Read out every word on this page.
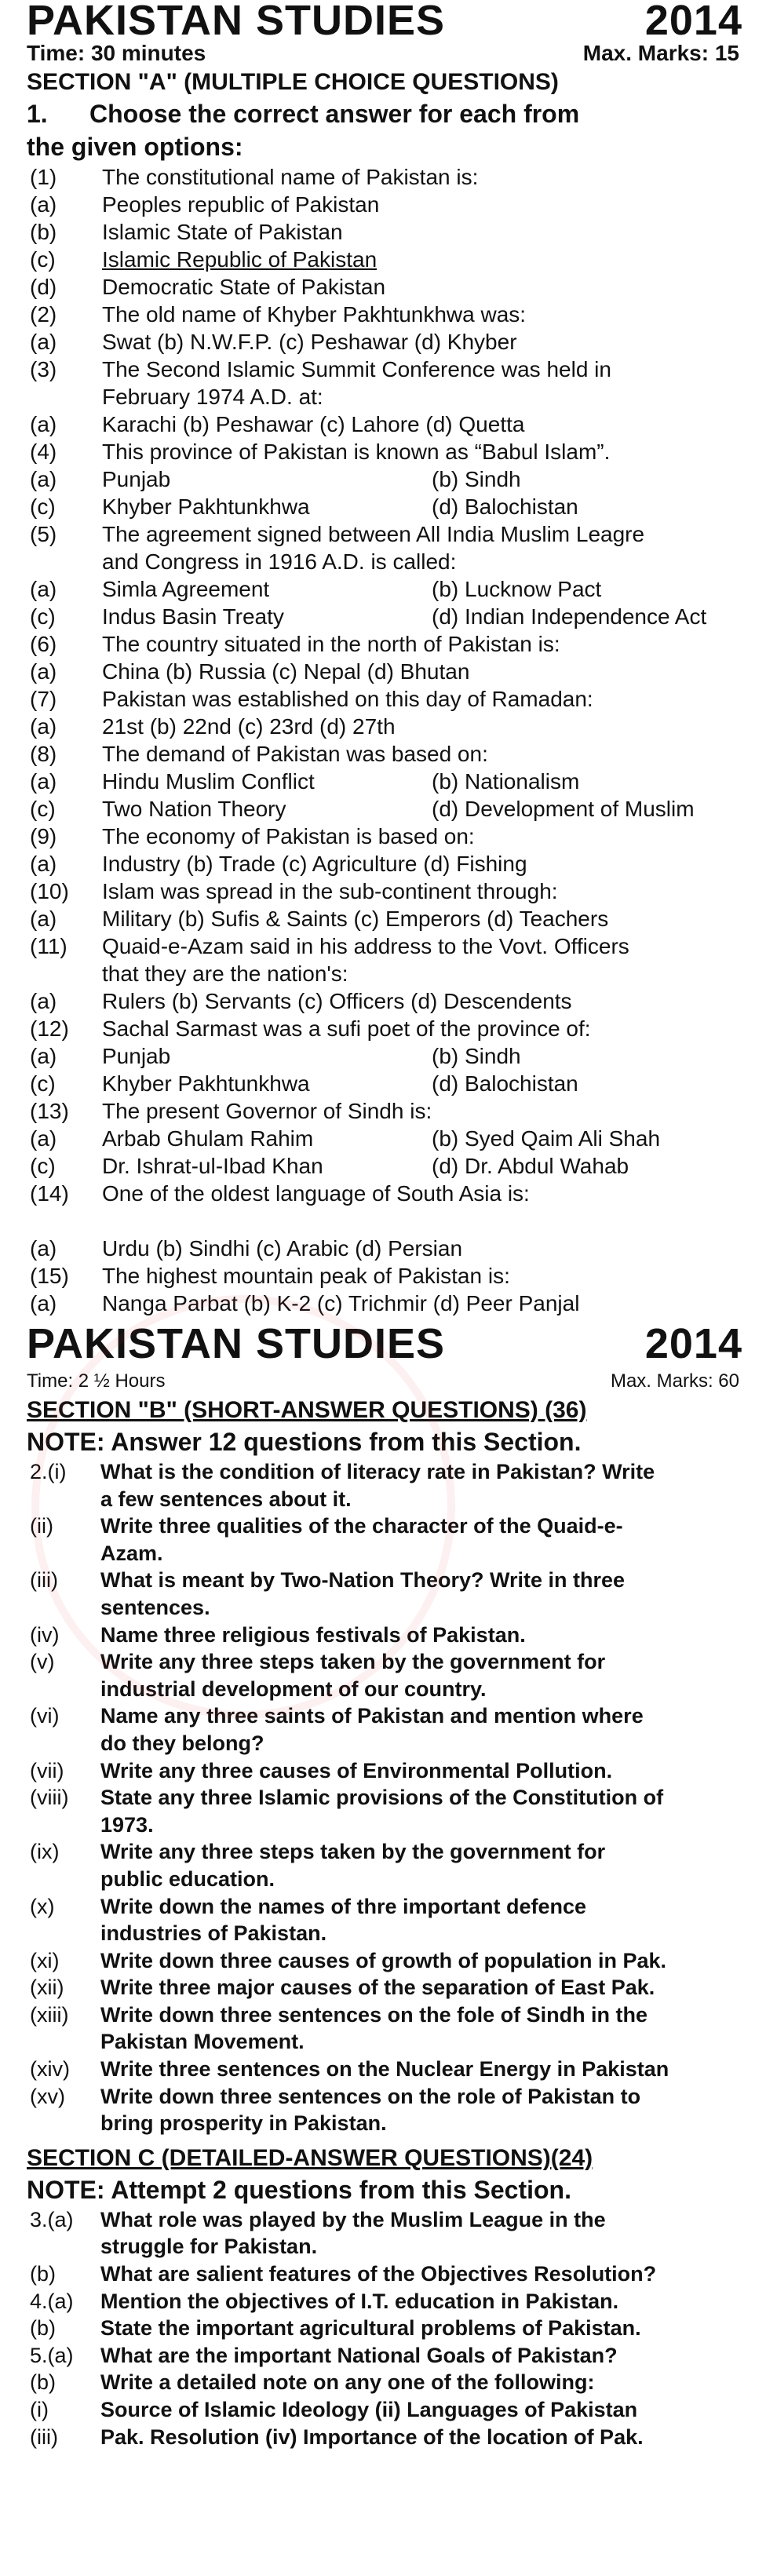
PAKISTAN STUDIES	2014
Time: 30 minutes	Max. Marks: 15
SECTION "A" (MULTIPLE CHOICE QUESTIONS)
1.	Choose the correct answer for each from
the given options:
(1)	The constitutional name of Pakistan is:
(a)	Peoples republic of Pakistan
(b)	Islamic State of Pakistan
(c)	Islamic Republic of Pakistan
(d)	Democratic State of Pakistan
(2)	The old name of Khyber Pakhtunkhwa was:
(a)	Swat (b) N.W.F.P. (c) Peshawar (d) Khyber
(3)	The Second Islamic Summit Conference was held in
February 1974 A.D. at:
(a)	Karachi (b) Peshawar (c) Lahore (d) Quetta
(4)	This province of Pakistan is known as “Babul Islam”.
(a)	Punjab	(b) Sindh
(c)	Khyber Pakhtunkhwa	(d) Balochistan
(5)	The agreement signed between All India Muslim Leagre
and Congress in 1916 A.D. is called:
(a)	Simla Agreement	(b) Lucknow Pact
(c)	Indus Basin Treaty	(d) Indian Independence Act
(6)	The country situated in the north of Pakistan is:
(a)	China (b) Russia (c) Nepal (d) Bhutan
(7)	Pakistan was established on this day of Ramadan:
(a)	21st (b) 22nd (c) 23rd (d) 27th
(8)	The demand of Pakistan was based on:
(a)	Hindu Muslim Conflict	(b) Nationalism
(c)	Two Nation Theory	(d) Development of Muslim
(9)	The economy of Pakistan is based on:
(a)	Industry (b) Trade (c) Agriculture (d) Fishing
(10)	Islam was spread in the sub-continent through:
(a)	Military (b) Sufis & Saints (c) Emperors (d) Teachers
(11)	Quaid-e-Azam said in his address to the Vovt. Officers
that they are the nation's:
(a)	Rulers (b) Servants (c) Officers (d) Descendents
(12)	Sachal Sarmast was a sufi poet of the province of:
(a)	Punjab	(b) Sindh
(c)	Khyber Pakhtunkhwa	(d) Balochistan
(13)	The present Governor of Sindh is:
(a)	Arbab Ghulam Rahim	(b) Syed Qaim Ali Shah
(c)	Dr. Ishrat-ul-Ibad Khan	(d) Dr. Abdul Wahab
(14)	One of the oldest language of South Asia is:
(a)	Urdu (b) Sindhi (c) Arabic (d) Persian
(15)	The highest mountain peak of Pakistan is:
(a)	Nanga Parbat (b) K-2 (c) Trichmir (d) Peer Panjal
PAKISTAN STUDIES	2014
Time: 2 ½ Hours	Max. Marks: 60
SECTION "B" (SHORT-ANSWER QUESTIONS) (36)
NOTE: Answer 12 questions from this Section.
2.(i)	What is the condition of literacy rate in Pakistan? Write
a few sentences about it.
(ii)	Write three qualities of the character of the Quaid-e-
Azam.
(iii)	What is meant by Two-Nation Theory? Write in three
sentences.
(iv)	Name three religious festivals of Pakistan.
(v)	Write any three steps taken by the government for
industrial development of our country.
(vi)	Name any three saints of Pakistan and mention where
do they belong?
(vii)	Write any three causes of Environmental Pollution.
(viii)	State any three Islamic provisions of the Constitution of
1973.
(ix)	Write any three steps taken by the government for
public education.
(x)	Write down the names of thre important defence
industries of Pakistan.
(xi)	Write down three causes of growth of population in Pak.
(xii)	Write three major causes of the separation of East Pak.
(xiii)	Write down three sentences on the fole of Sindh in the
Pakistan Movement.
(xiv)	Write three sentences on the Nuclear Energy in Pakistan
(xv)	Write down three sentences on the role of Pakistan to
bring prosperity in Pakistan.
SECTION C (DETAILED-ANSWER QUESTIONS)(24)
NOTE: Attempt 2 questions from this Section.
3.(a)	What role was played by the Muslim League in the
struggle for Pakistan.
(b)	What are salient features of the Objectives Resolution?
4.(a)	Mention the objectives of I.T. education in Pakistan.
(b)	State the important agricultural problems of Pakistan.
5.(a)	What are the important National Goals of Pakistan?
(b)	Write a detailed note on any one of the following:
(i)	Source of Islamic Ideology (ii) Languages of Pakistan
(iii)	Pak. Resolution (iv) Importance of the location of Pak.
